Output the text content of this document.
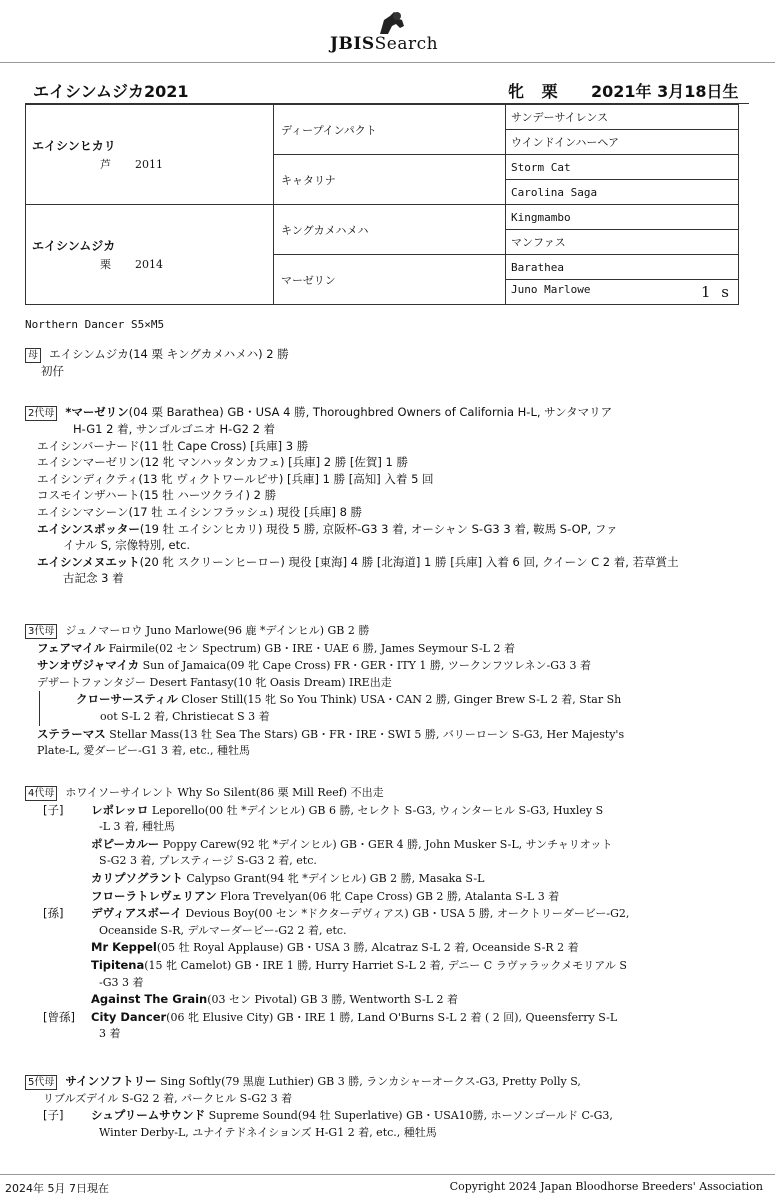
JBISSearch
エイシンムジカ2021	牝 栗 2021年 3月18日生
エイシンヒカリ
芦 2011	ディープインパクト	サンデーサイレンス
		ウインドインハーヘア
	キャタリナ	Storm Cat
		Carolina Saga

エイシンムジカ
栗 2014	キングカメハメハ	Kingmambo
		マンファス
	マーゼリン	Barathea

		Juno Marlowe 1 s
Northern Dancer S5×M5

母 エイシンムジカ(14 栗 キングカメハメハ) 2 勝

初仔

2代母 *マーゼリン(04 栗 Barathea) GB・USA 4 勝, Thoroughbred Owners of California H-L, サンタマリア

H-G1 2 着, サンゴルゴニオ H-G2 2 着

エイシンバーナード(11 牡 Cape Cross) [兵庫] 3 勝

エイシンマーゼリン(12 牝 マンハッタンカフェ) [兵庫] 2 勝 [佐賀] 1 勝

エイシンディクティ(13 牝 ヴィクトワールピサ) [兵庫] 1 勝 [高知] 入着 5 回

コスモインザハート(15 牡 ハーツクライ) 2 勝

エイシンマシーン(17 牡 エイシンフラッシュ) 現役 [兵庫] 8 勝

エイシンスポッター(19 牡 エイシンヒカリ) 現役 5 勝, 京阪杯-G3 3 着, オーシャン S-G3 3 着, 鞍馬 S-OP, ファ

イナル S, 宗像特別, etc.

エイシンメヌエット(20 牝 スクリーンヒーロー) 現役 [東海] 4 勝 [北海道] 1 勝 [兵庫] 入着 6 回, クイーン C 2 着, 若草賞土

古記念 3 着

3代母 ジュノマーロウ Juno Marlowe(96 鹿 *デインヒル) GB 2 勝

フェアマイル Fairmile(02 セン Spectrum) GB・IRE・UAE 6 勝, James Seymour S-L 2 着

サンオヴジャマイカ Sun of Jamaica(09 牝 Cape Cross) FR・GER・ITY 1 勝, ツークンフツレネン-G3 3 着

デザートファンタジー Desert Fantasy(10 牝 Oasis Dream) IRE出走

クローサースティル Closer Still(15 牝 So You Think) USA・CAN 2 勝, Ginger Brew S-L 2 着, Star Sh

oot S-L 2 着, Christiecat S 3 着

ステラーマス Stellar Mass(13 牡 Sea The Stars) GB・FR・IRE・SWI 5 勝, バリーローン S-G3, Her Majesty's

Plate-L, 愛ダービー-G1 3 着, etc., 種牡馬

4代母 ホワイソーサイレント Why So Silent(86 栗 Mill Reef) 不出走

[子] レポレッロ Leporello(00 牡 *デインヒル) GB 6 勝, セレクト S-G3, ウィンターヒル S-G3, Huxley S

-L 3 着, 種牡馬

ポピーカルー Poppy Carew(92 牝 *デインヒル) GB・GER 4 勝, John Musker S-L, サンチャリオット

S-G2 3 着, プレスティージ S-G3 2 着, etc.

カリプソグラント Calypso Grant(94 牝 *デインヒル) GB 2 勝, Masaka S-L

フローラトレヴェリアン Flora Trevelyan(06 牝 Cape Cross) GB 2 勝, Atalanta S-L 3 着

[孫] デヴィアスボーイ Devious Boy(00 セン *ドクターデヴィアス) GB・USA 5 勝, オークトリーダービー-G2,

Oceanside S-R, デルマーダービー-G2 2 着, etc.

Mr Keppel(05 牡 Royal Applause) GB・USA 3 勝, Alcatraz S-L 2 着, Oceanside S-R 2 着

Tipitena(15 牝 Camelot) GB・IRE 1 勝, Hurry Harriet S-L 2 着, デニー C ラヴァラックメモリアル S

-G3 3 着

Against The Grain(03 セン Pivotal) GB 3 勝, Wentworth S-L 2 着

[曾孫] City Dancer(06 牝 Elusive City) GB・IRE 1 勝, Land O'Burns S-L 2 着 ( 2 回), Queensferry S-L

3 着

5代母 サインソフトリー Sing Softly(79 黒鹿 Luthier) GB 3 勝, ランカシャーオークス-G3, Pretty Polly S,

リブルズデイル S-G2 2 着, パークヒル S-G2 3 着

[子] シュプリームサウンド Supreme Sound(94 牡 Superlative) GB・USA10勝, ホーソンゴールド C-G3,

Winter Derby-L, ユナイテドネイションズ H-G1 2 着, etc., 種牡馬

2024年 5月 7日現在	Copyright 2024 Japan Bloodhorse Breeders' Association
